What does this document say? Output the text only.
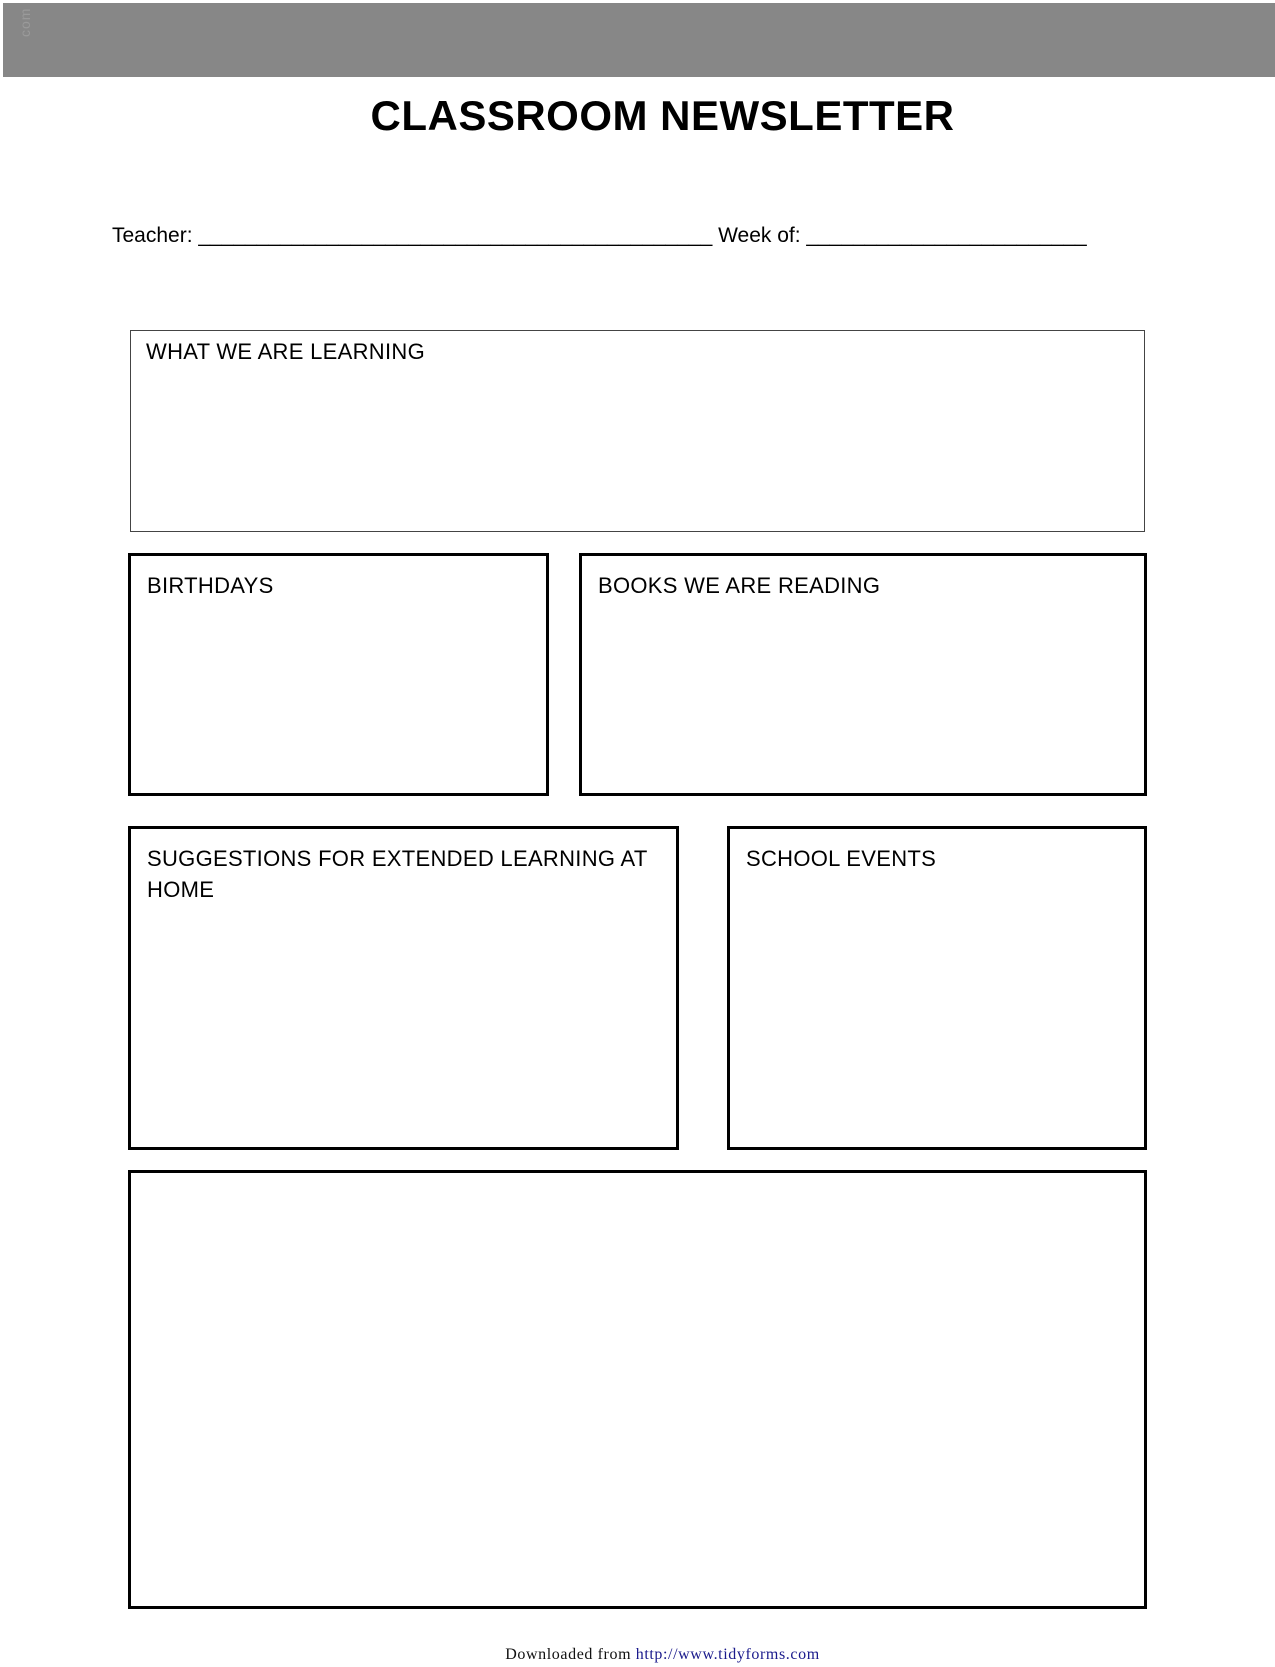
com
CLASSROOM NEWSLETTER
Teacher: ____________________________________________ Week of: ________________________
WHAT WE ARE LEARNING
BIRTHDAYS	BOOKS WE ARE READING
SUGGESTIONS FOR EXTENDED LEARNING AT
HOME
SCHOOL EVENTS
Downloaded from http://www.tidyforms.com
